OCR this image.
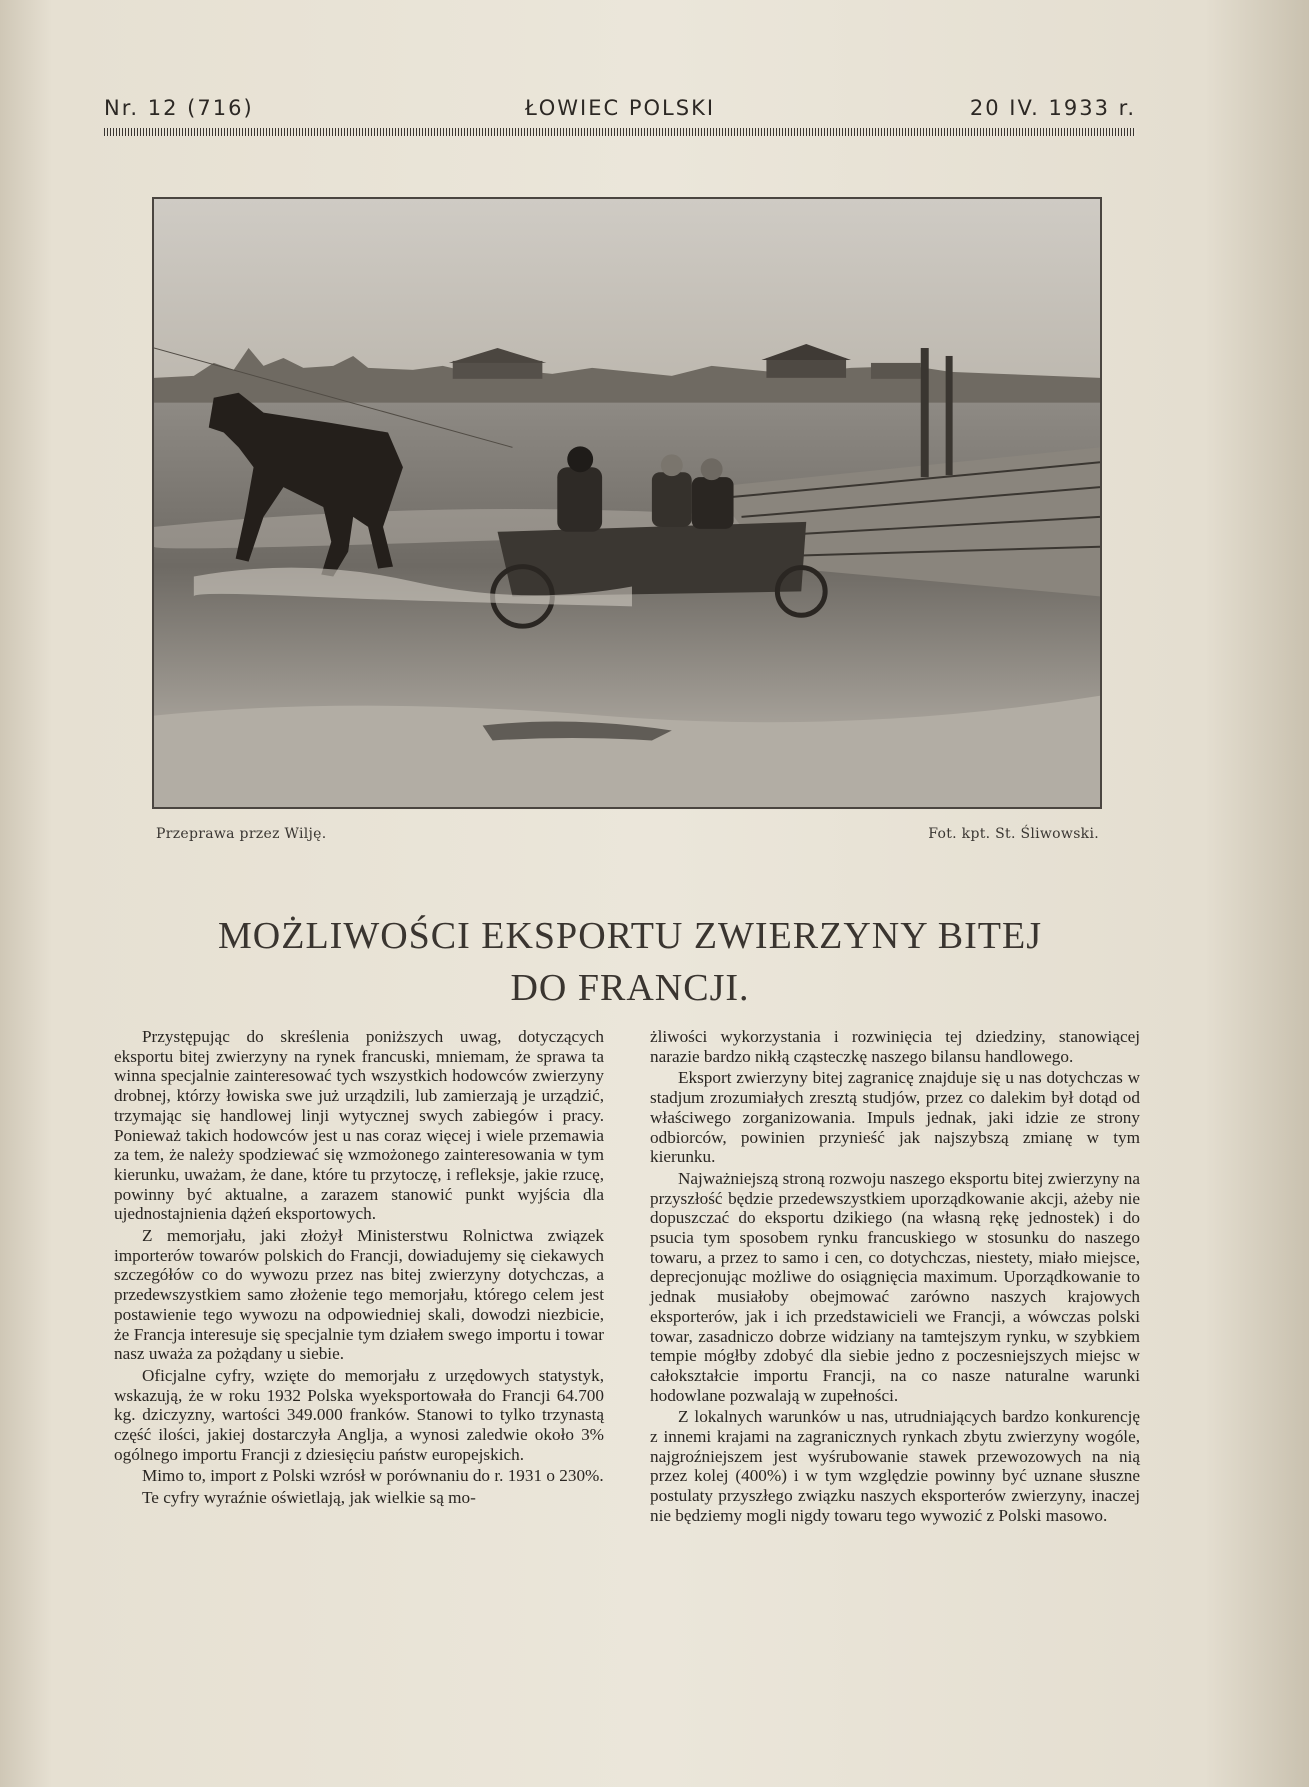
Nr. 12 (716)	ŁOWIEC POLSKI	20 IV. 1933 r.
Przeprawa przez Wilję.	Fot. kpt. St. Śliwowski.
MOŻLIWOŚCI EKSPORTU ZWIERZYNY BITEJ
DO FRANCJI.

Przystępując do skreślenia poniższych uwag, dotyczących eksportu bitej zwierzyny na rynek francuski, mniemam, że sprawa ta winna specjalnie zainteresować tych wszystkich hodowców zwierzyny drobnej, którzy łowiska swe już urządzili, lub zamierzają je urządzić, trzymając się handlowej linji wytycznej swych zabiegów i pracy. Ponieważ takich hodowców jest u nas coraz więcej i wiele przemawia za tem, że należy spodziewać się wzmożonego zainteresowania w tym kierunku, uważam, że dane, które tu przytoczę, i refleksje, jakie rzucę, powinny być aktualne, a zarazem stanowić punkt wyjścia dla ujednostajnienia dążeń eksportowych.

Z memorjału, jaki złożył Ministerstwu Rolnictwa związek importerów towarów polskich do Francji, dowiadujemy się ciekawych szczegółów co do wywozu przez nas bitej zwierzyny dotychczas, a przedewszystkiem samo złożenie tego memorjału, którego celem jest postawienie tego wywozu na odpowiedniej skali, dowodzi niezbicie, że Francja interesuje się specjalnie tym działem swego importu i towar nasz uważa za pożądany u siebie.

Oficjalne cyfry, wzięte do memorjału z urzędowych statystyk, wskazują, że w roku 1932 Polska wyeksportowała do Francji 64.700 kg. dziczyzny, wartości 349.000 franków. Stanowi to tylko trzynastą część ilości, jakiej dostarczyła Anglja, a wynosi zaledwie około 3% ogólnego importu Francji z dziesięciu państw europejskich.

Mimo to, import z Polski wzrósł w porównaniu do r. 1931 o 230%.

Te cyfry wyraźnie oświetlają, jak wielkie są mo-

żliwości wykorzystania i rozwinięcia tej dziedziny, stanowiącej narazie bardzo nikłą cząsteczkę naszego bilansu handlowego.

Eksport zwierzyny bitej zagranicę znajduje się u nas dotychczas w stadjum zrozumiałych zresztą studjów, przez co dalekim był dotąd od właściwego zorganizowania. Impuls jednak, jaki idzie ze strony odbiorców, powinien przynieść jak najszybszą zmianę w tym kierunku.

Najważniejszą stroną rozwoju naszego eksportu bitej zwierzyny na przyszłość będzie przedewszystkiem uporządkowanie akcji, ażeby nie dopuszczać do eksportu dzikiego (na własną rękę jednostek) i do psucia tym sposobem rynku francuskiego w stosunku do naszego towaru, a przez to samo i cen, co dotychczas, niestety, miało miejsce, deprecjonując możliwe do osiągnięcia maximum. Uporządkowanie to jednak musiałoby obejmować zarówno naszych krajowych eksporterów, jak i ich przedstawicieli we Francji, a wówczas polski towar, zasadniczo dobrze widziany na tamtejszym rynku, w szybkiem tempie mógłby zdobyć dla siebie jedno z poczesniejszych miejsc w całokształcie importu Francji, na co nasze naturalne warunki hodowlane pozwalają w zupełności.

Z lokalnych warunków u nas, utrudniających bardzo konkurencję z innemi krajami na zagranicznych rynkach zbytu zwierzyny wogóle, najgroźniejszem jest wyśrubowanie stawek przewozowych na nią przez kolej (400%) i w tym względzie powinny być uznane słuszne postulaty przyszłego związku naszych eksporterów zwierzyny, inaczej nie będziemy mogli nigdy towaru tego wywozić z Polski masowo.
